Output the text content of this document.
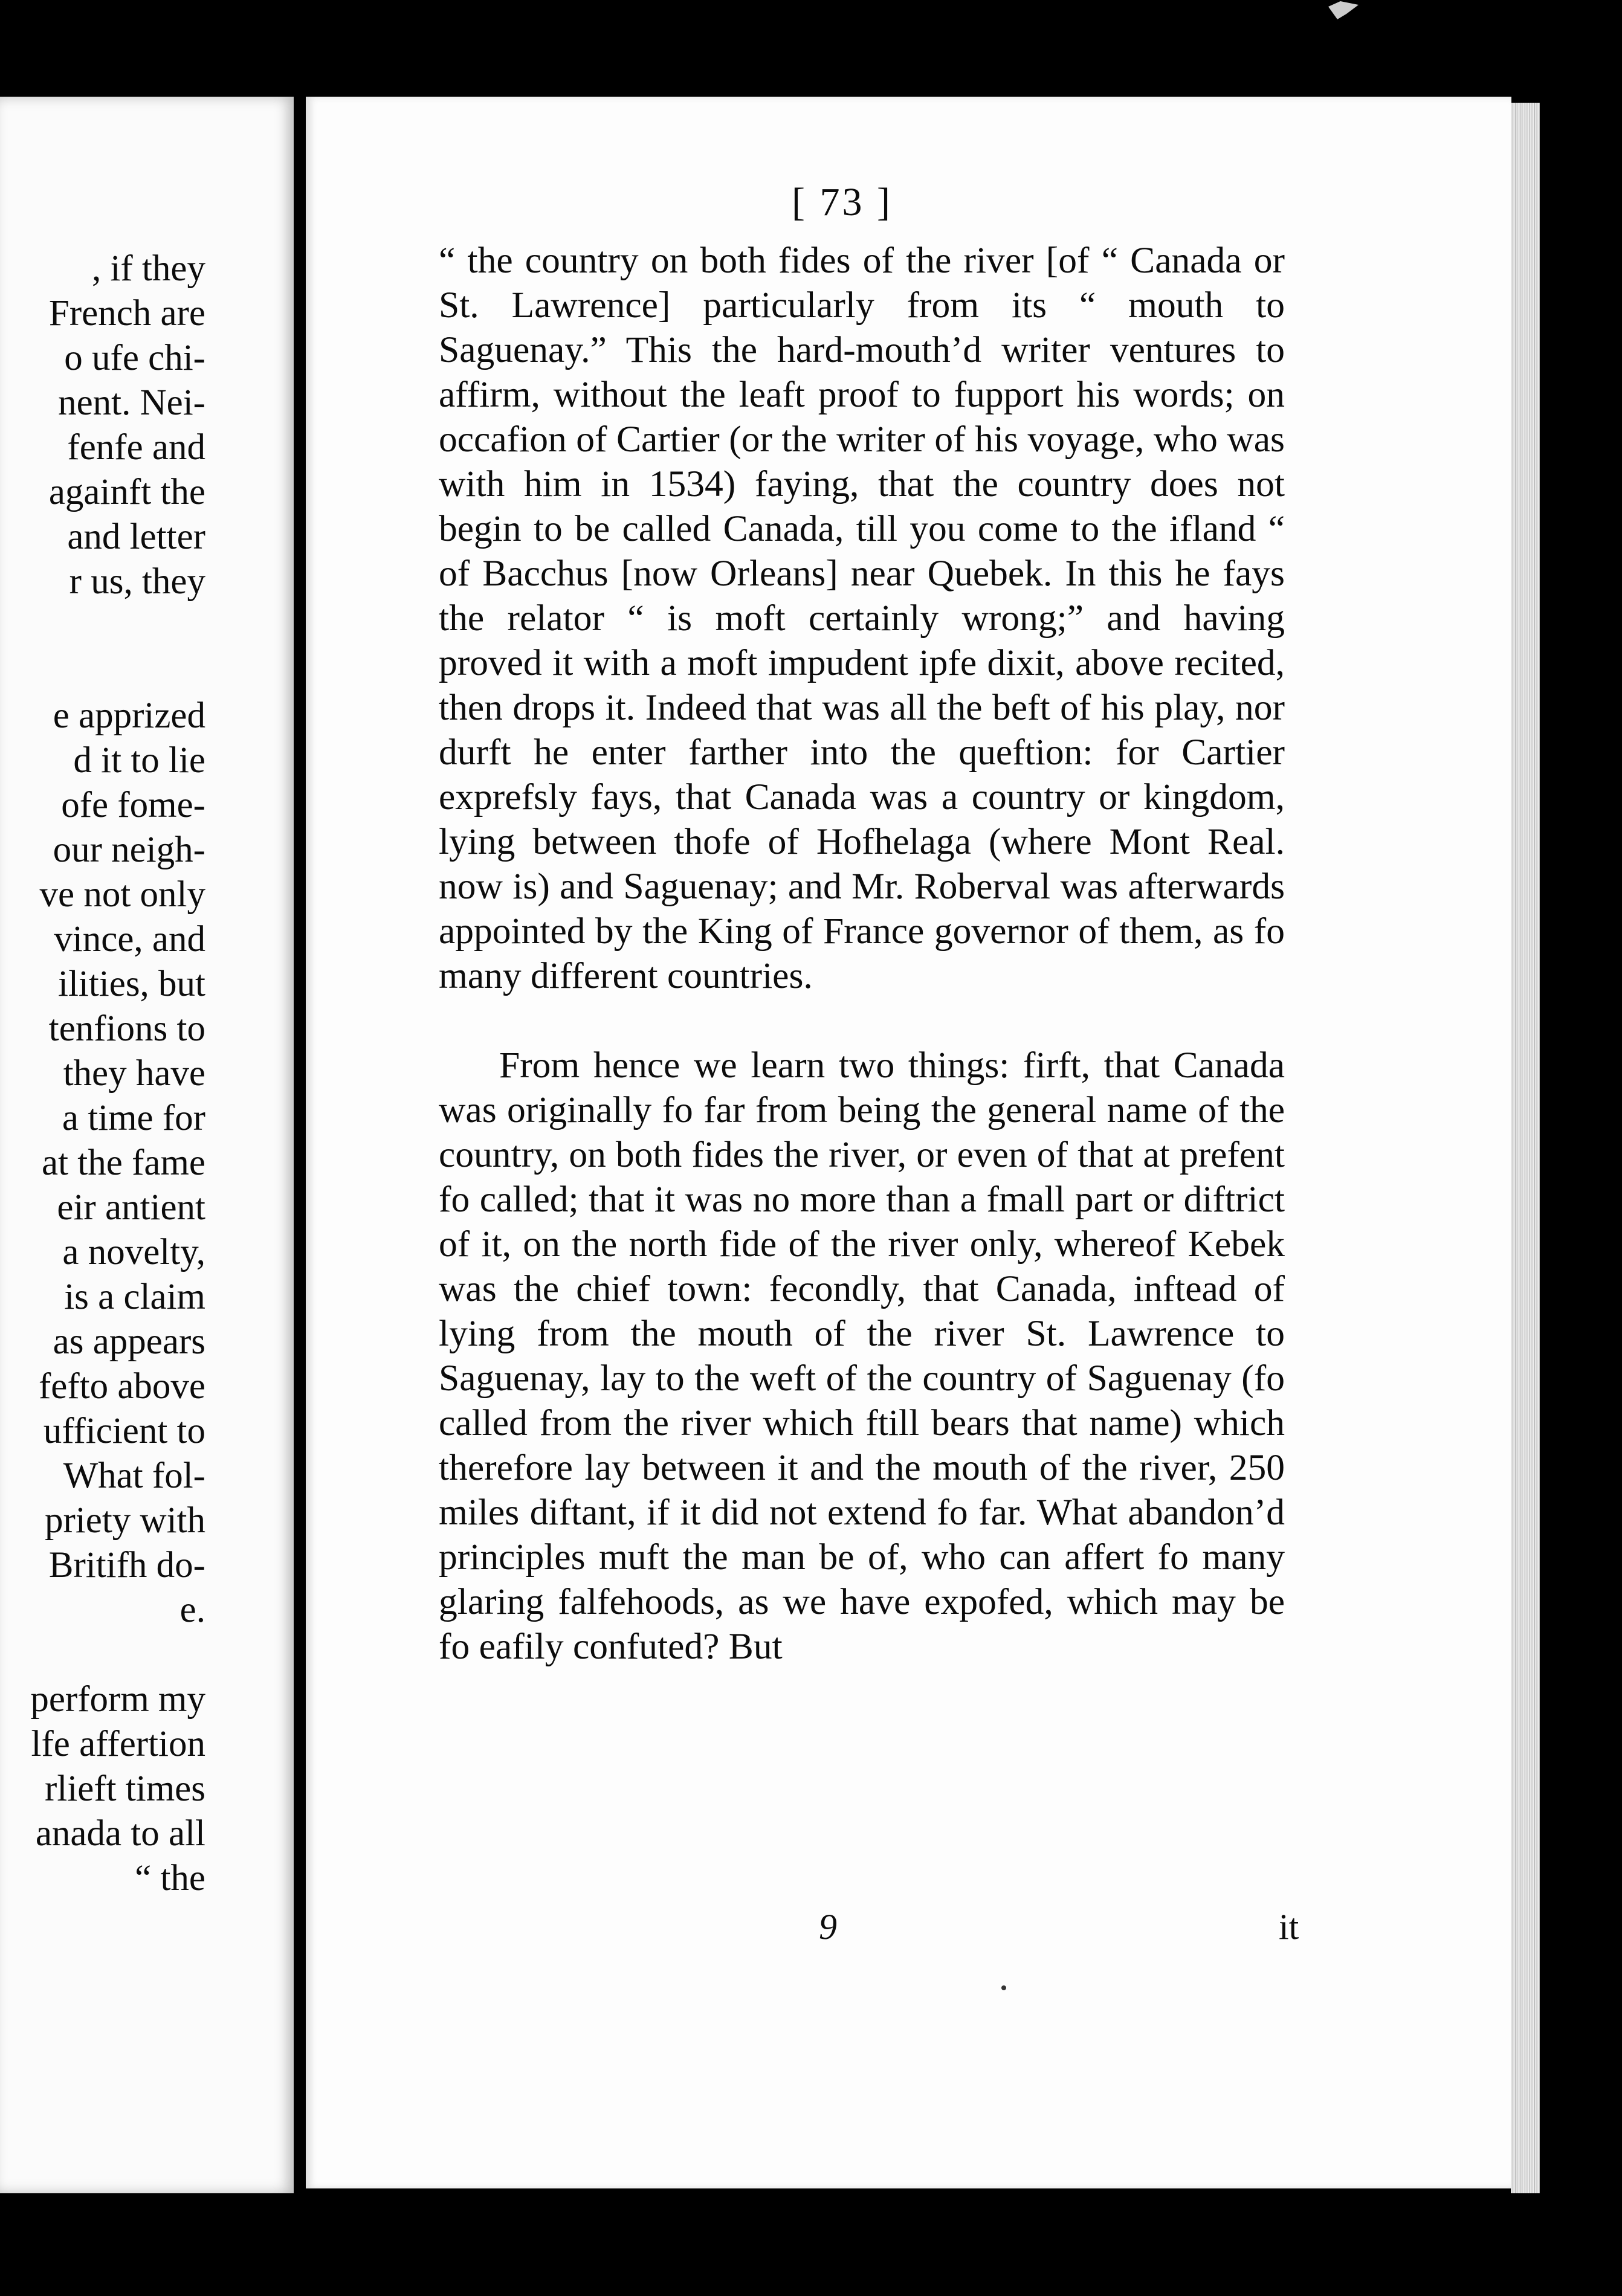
, if they
French are
o ufe chi-
nent. Nei-
fenfe and
againft the
and letter
r us, they
e apprized
d it to lie
ofe fome-
our neigh-
ve not only
vince, and
ilities, but
tenfions to
they have
a time for
at the fame
eir antient
a novelty,
is a claim
as appears
fefto above
ufficient to
What fol-
priety with
Britifh do-
e.
perform my
lfe affertion
rlieft times
anada to all
“ the
[ 73 ]

“ the country on both fides of the river [of “ Canada or St. Lawrence] particularly from its “ mouth to Saguenay.” This the hard-mouth’d writer ventures to affirm, without the leaft proof to fupport his words; on occafion of Cartier (or the writer of his voyage, who was with him in 1534) faying, that the country does not begin to be called Canada, till you come to the ifland “ of Bacchus [now Orleans] near Quebek. In this he fays the relator “ is moft certainly wrong;” and having proved it with a moft impudent ipfe dixit, above recited, then drops it. Indeed that was all the beft of his play, nor durft he enter farther into the queftion: for Cartier exprefsly fays, that Canada was a country or kingdom, lying between thofe of Hofhelaga (where Mont Real. now is) and Saguenay; and Mr. Roberval was afterwards appointed by the King of France governor of them, as fo many different countries.

From hence we learn two things: firft, that Canada was originally fo far from being the general name of the country, on both fides the river, or even of that at prefent fo called; that it was no more than a fmall part or diftrict of it, on the north fide of the river only, whereof Kebek was the chief town: fecondly, that Canada, inftead of lying from the mouth of the river St. Lawrence to Saguenay, lay to the weft of the country of Saguenay (fo called from the river which ftill bears that name) which therefore lay between it and the mouth of the river, 250 miles diftant, if it did not extend fo far. What abandon’d principles muft the man be of, who can affert fo many glaring falfehoods, as we have expofed, which may be fo eafily confuted? But

9	it
